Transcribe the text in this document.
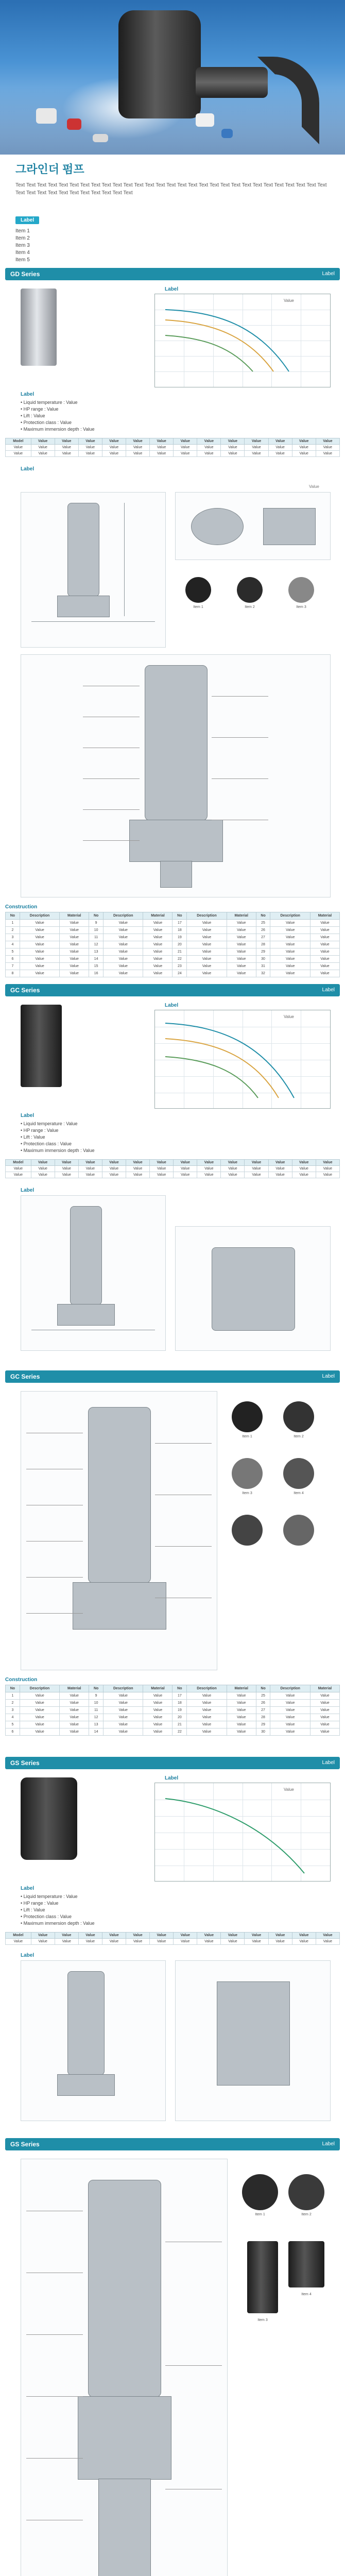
그라인더 펌프
Text Text Text Text Text Text Text Text Text Text Text Text Text Text Text Text Text Text Text Text Text Text Text Text Text Text Text Text Text Text Text Text Text Text Text Text Text Text Text Text
Label
Item 1
Item 2
Item 3
Item 4
Item 5
GD Series	Label
Label
Value
Label
• Liquid temperature : Value
• HP range : Value
• Lift : Value
• Protection class : Value
• Maximum immersion depth : Value
Model	Value	Value	Value	Value	Value	Value	Value	Value	Value	Value	Value	Value	Value
Value	Value	Value	Value	Value	Value	Value	Value	Value	Value	Value	Value	Value	Value
Value	Value	Value	Value	Value	Value	Value	Value	Value	Value	Value	Value	Value	Value
Label
Value
Item 1	Item 2	Item 3
Construction
No	Description	Material	No	Description	Material	No	Description	Material	No	Description	Material
1	Value	Value	9	Value	Value	17	Value	Value	25	Value	Value
2	Value	Value	10	Value	Value	18	Value	Value	26	Value	Value
3	Value	Value	11	Value	Value	19	Value	Value	27	Value	Value
4	Value	Value	12	Value	Value	20	Value	Value	28	Value	Value
5	Value	Value	13	Value	Value	21	Value	Value	29	Value	Value
6	Value	Value	14	Value	Value	22	Value	Value	30	Value	Value
7	Value	Value	15	Value	Value	23	Value	Value	31	Value	Value
8	Value	Value	16	Value	Value	24	Value	Value	32	Value	Value
GC Series	Label
Label
Value
Label
• Liquid temperature : Value
• HP range : Value
• Lift : Value
• Protection class : Value
• Maximum immersion depth : Value
Model	Value	Value	Value	Value	Value	Value	Value	Value	Value	Value	Value	Value	Value
Value	Value	Value	Value	Value	Value	Value	Value	Value	Value	Value	Value	Value	Value
Value	Value	Value	Value	Value	Value	Value	Value	Value	Value	Value	Value	Value	Value
Label
GC Series	Label
Item 1	Item 2
Item 3	Item 4
Construction
No	Description	Material	No	Description	Material	No	Description	Material	No	Description	Material
1	Value	Value	9	Value	Value	17	Value	Value	25	Value	Value
2	Value	Value	10	Value	Value	18	Value	Value	26	Value	Value
3	Value	Value	11	Value	Value	19	Value	Value	27	Value	Value
4	Value	Value	12	Value	Value	20	Value	Value	28	Value	Value
5	Value	Value	13	Value	Value	21	Value	Value	29	Value	Value
6	Value	Value	14	Value	Value	22	Value	Value	30	Value	Value
GS Series	Label
Label
Value
Label
• Liquid temperature : Value
• HP range : Value
• Lift : Value
• Protection class : Value
• Maximum immersion depth : Value
Model	Value	Value	Value	Value	Value	Value	Value	Value	Value	Value	Value	Value	Value
Value	Value	Value	Value	Value	Value	Value	Value	Value	Value	Value	Value	Value	Value
Label
GS Series	Label
Item 1	Item 2
Item 3
Item 4
